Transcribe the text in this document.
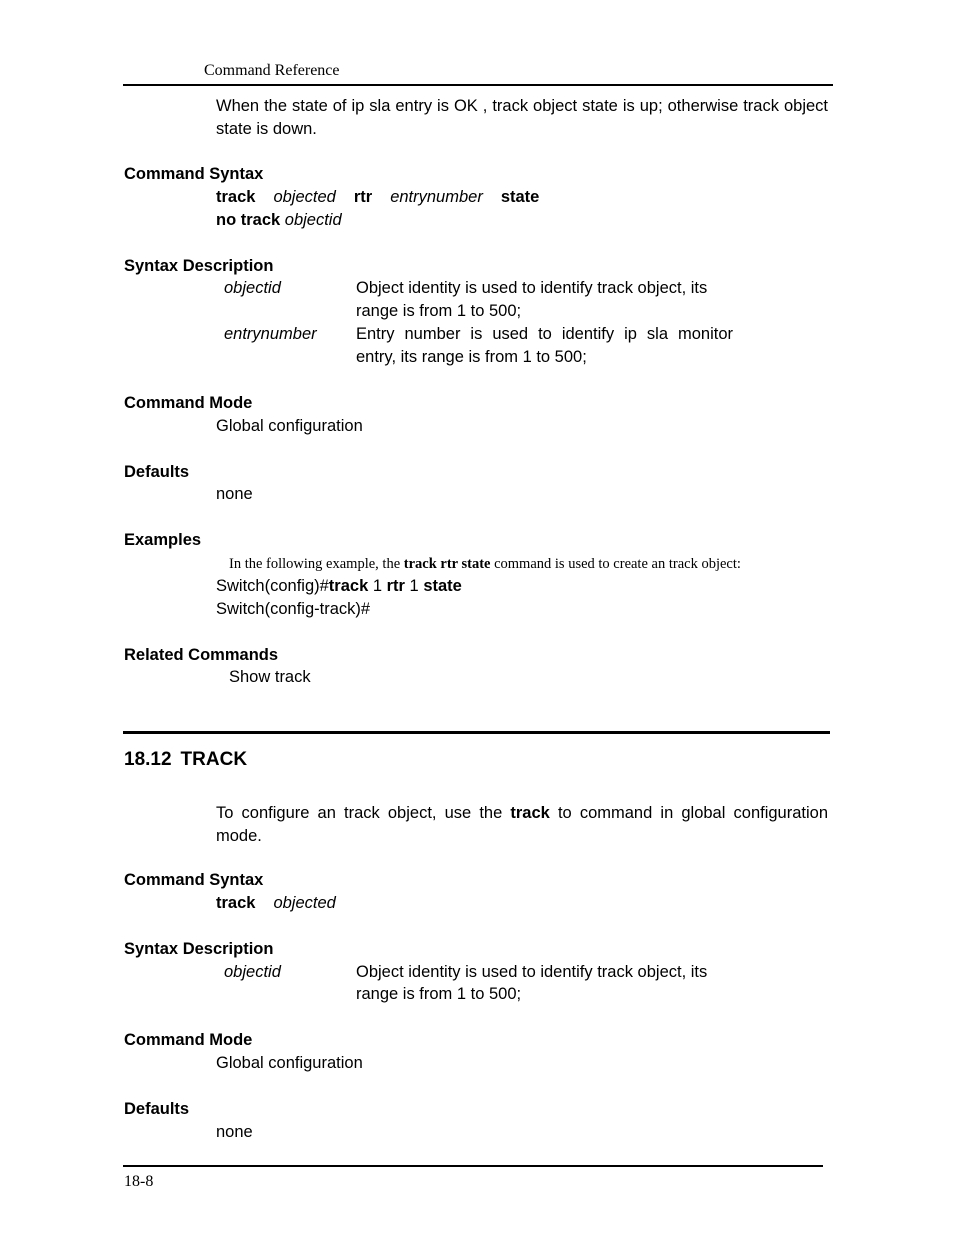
Command Reference
When the state of ip sla entry is OK , track object state is up; otherwise track object state is down.
Command Syntax
track objected rtr entrynumber state
no track objectid
Syntax Description
objectid	Object identity is used to identify track object, its
range is from 1 to 500;
entrynumber Entry number is used to identify ip sla monitor
entry, its range is from 1 to 500;
Command Mode
Global configuration
Defaults
none
Examples
In the following example, the track rtr state command is used to create an track object:
Switch(config)#track 1 rtr 1 state
Switch(config-track)#
Related Commands
Show track
18.12 TRACK
To configure an track object, use the track to command in global configuration mode.
Command Syntax
track objected
Syntax Description
objectid	Object identity is used to identify track object, its
range is from 1 to 500;
Command Mode
Global configuration
Defaults
none
18-8
